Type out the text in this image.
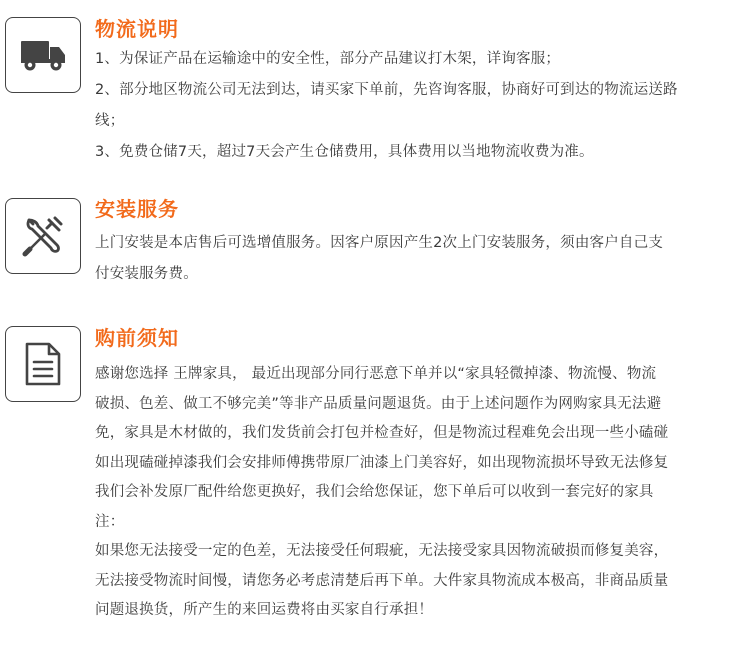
物流说明
1、为保证产品在运输途中的安全性，部分产品建议打木架，详询客服；
2、部分地区物流公司无法到达，请买家下单前，先咨询客服，协商好可到达的物流运送路
线；
3、免费仓储7天，超过7天会产生仓储费用，具体费用以当地物流收费为准。
安装服务
上门安装是本店售后可选增值服务。因客户原因产生2次上门安装服务，须由客户自己支
付安装服务费。
购前须知
感谢您选择 王牌家具， 最近出现部分同行恶意下单并以“家具轻微掉漆、物流慢、物流
破损、色差、做工不够完美”等非产品质量问题退货。由于上述问题作为网购家具无法避
免，家具是木材做的，我们发货前会打包并检查好，但是物流过程难免会出现一些小磕碰
如出现磕碰掉漆我们会安排师傅携带原厂油漆上门美容好，如出现物流损坏导致无法修复
我们会补发原厂配件给您更换好，我们会给您保证，您下单后可以收到一套完好的家具
注：
如果您无法接受一定的色差，无法接受任何瑕疵，无法接受家具因物流破损而修复美容，
无法接受物流时间慢，请您务必考虑清楚后再下单。大件家具物流成本极高，非商品质量
问题退换货，所产生的来回运费将由买家自行承担！
